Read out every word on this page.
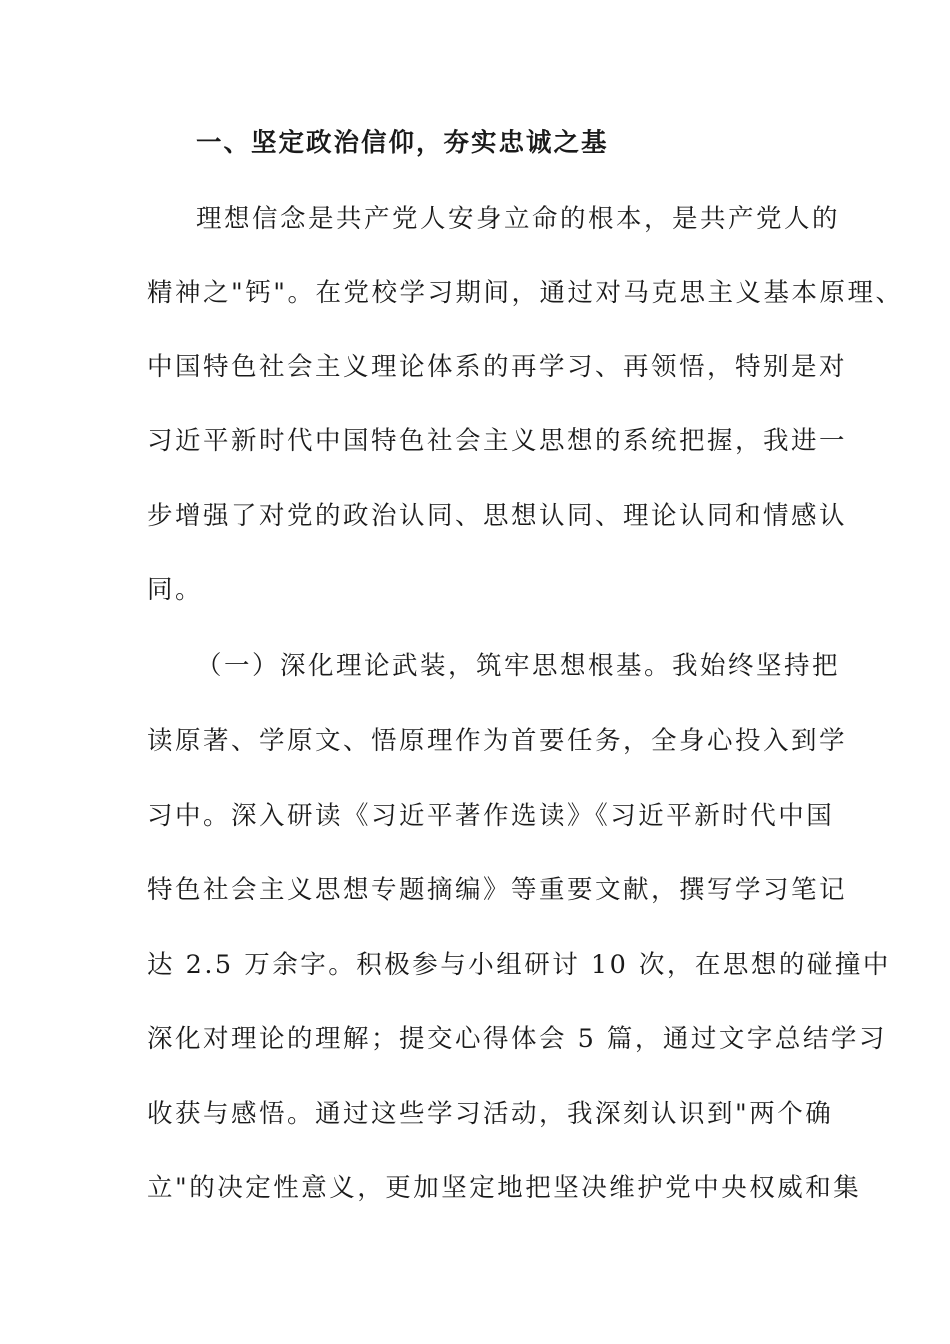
一、坚定政治信仰，夯实忠诚之基
理想信念是共产党人安身立命的根本，是共产党人的
精神之"钙"。在党校学习期间，通过对马克思主义基本原理、
中国特色社会主义理论体系的再学习、再领悟，特别是对
习近平新时代中国特色社会主义思想的系统把握，我进一
步增强了对党的政治认同、思想认同、理论认同和情感认
同。
（一）深化理论武装，筑牢思想根基。我始终坚持把
读原著、学原文、悟原理作为首要任务，全身心投入到学
习中。深入研读《习近平著作选读》《习近平新时代中国
特色社会主义思想专题摘编》等重要文献，撰写学习笔记
达 2.5 万余字。积极参与小组研讨 10 次，在思想的碰撞中
深化对理论的理解；提交心得体会 5 篇，通过文字总结学习
收获与感悟。通过这些学习活动，我深刻认识到"两个确
立"的决定性意义，更加坚定地把坚决维护党中央权威和集
